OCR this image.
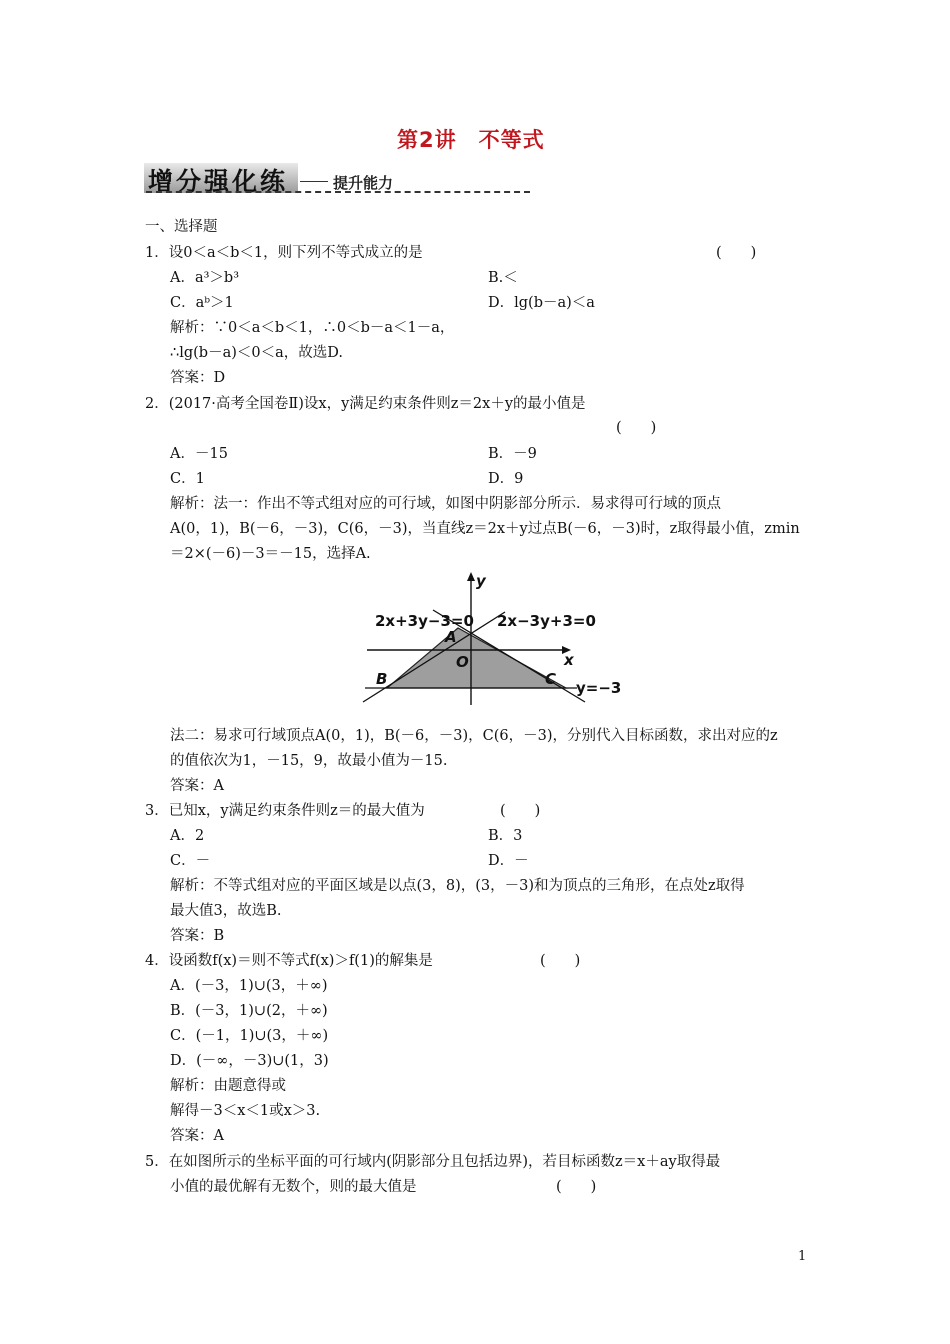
第2讲　不等式
增分强化练	提升能力
一、选择题
1．设0＜a＜b＜1，则下列不等式成立的是	(　　)
A．a³＞b³	B.＜
C．aᵇ＞1	D．lg(b－a)＜a
解析：∵0＜a＜b＜1，∴0＜b－a＜1－a，
∴lg(b－a)＜0＜a，故选D.
答案：D
2．(2017·高考全国卷Ⅱ)设x，y满足约束条件则z＝2x＋y的最小值是
(　　)
A．－15	B．－9
C．1	D．9
解析：法一：作出不等式组对应的可行域，如图中阴影部分所示．易求得可行域的顶点
A(0，1)，B(－6，－3)，C(6，－3)，当直线z＝2x＋y过点B(－6，－3)时，z取得最小值，zmin
＝2×(－6)－3＝－15，选择A.
2x+3y−3=0 2x−3y+3=0
y=−3
x
y
A
B	C
O
法二：易求可行域顶点A(0，1)，B(－6，－3)，C(6，－3)，分别代入目标函数，求出对应的z
的值依次为1，－15，9，故最小值为－15.
答案：A
3．已知x，y满足约束条件则z＝的最大值为	(　　)
A．2	B．3
C．－	D．－
解析：不等式组对应的平面区域是以点(3，8)，(3，－3)和为顶点的三角形，在点处z取得
最大值3，故选B.
答案：B
4．设函数f(x)＝则不等式f(x)＞f(1)的解集是	(　　)
A．(－3，1)∪(3，＋∞)
B．(－3，1)∪(2，＋∞)
C．(－1，1)∪(3，＋∞)
D．(－∞，－3)∪(1，3)
解析：由题意得或
解得－3＜x＜1或x＞3.
答案：A
5．在如图所示的坐标平面的可行域内(阴影部分且包括边界)，若目标函数z＝x＋ay取得最
小值的最优解有无数个，则的最大值是	(　　)
1
